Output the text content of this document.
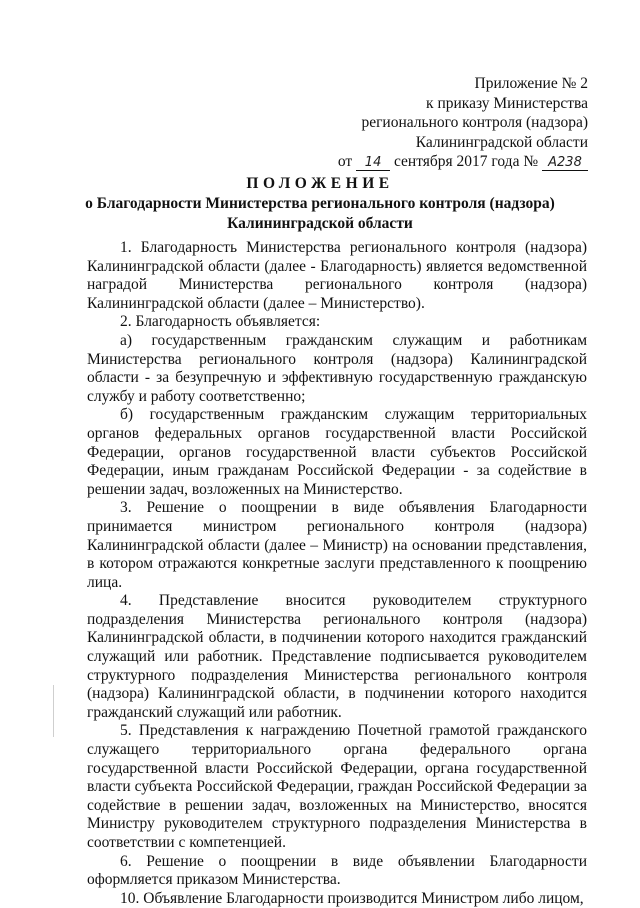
Приложение № 2
к приказу Министерства
регионального контроля (надзора)
Калининградской области
от 14 сентября 2017 года № A238
ПОЛОЖЕНИЕ
о Благодарности Министерства регионального контроля (надзора)
Калининградской области

1. Благодарность Министерства регионального контроля (надзора) Калининградской области (далее - Благодарность) является ведомственной наградой Министерства регионального контроля (надзора) Калининградской области (далее – Министерство).

2. Благодарность объявляется:

а) государственным гражданским служащим и работникам Министерства регионального контроля (надзора) Калининградской области - за безупречную и эффективную государственную гражданскую службу и работу соответственно;

б) государственным гражданским служащим территориальных органов федеральных органов государственной власти Российской Федерации, органов государственной власти субъектов Российской Федерации, иным гражданам Российской Федерации - за содействие в решении задач, возложенных на Министерство.

3. Решение о поощрении в виде объявления Благодарности принимается министром регионального контроля (надзора) Калининградской области (далее – Министр) на основании представления, в котором отражаются конкретные заслуги представленного к поощрению лица.

4. Представление вносится руководителем структурного подразделения Министерства регионального контроля (надзора) Калининградской области, в подчинении которого находится гражданский служащий или работник. Представление подписывается руководителем структурного подразделения Министерства регионального контроля (надзора) Калининградской области, в подчинении которого находится гражданский служащий или работник.

5. Представления к награждению Почетной грамотой гражданского служащего территориального органа федерального органа государственной власти Российской Федерации, органа государственной власти субъекта Российской Федерации, граждан Российской Федерации за содействие в решении задач, возложенных на Министерство, вносятся Министру руководителем структурного подразделения Министерства в соответствии с компетенцией.

6. Решение о поощрении в виде объявлении Благодарности оформляется приказом Министерства.

10. Объявление Благодарности производится Министром либо лицом,
